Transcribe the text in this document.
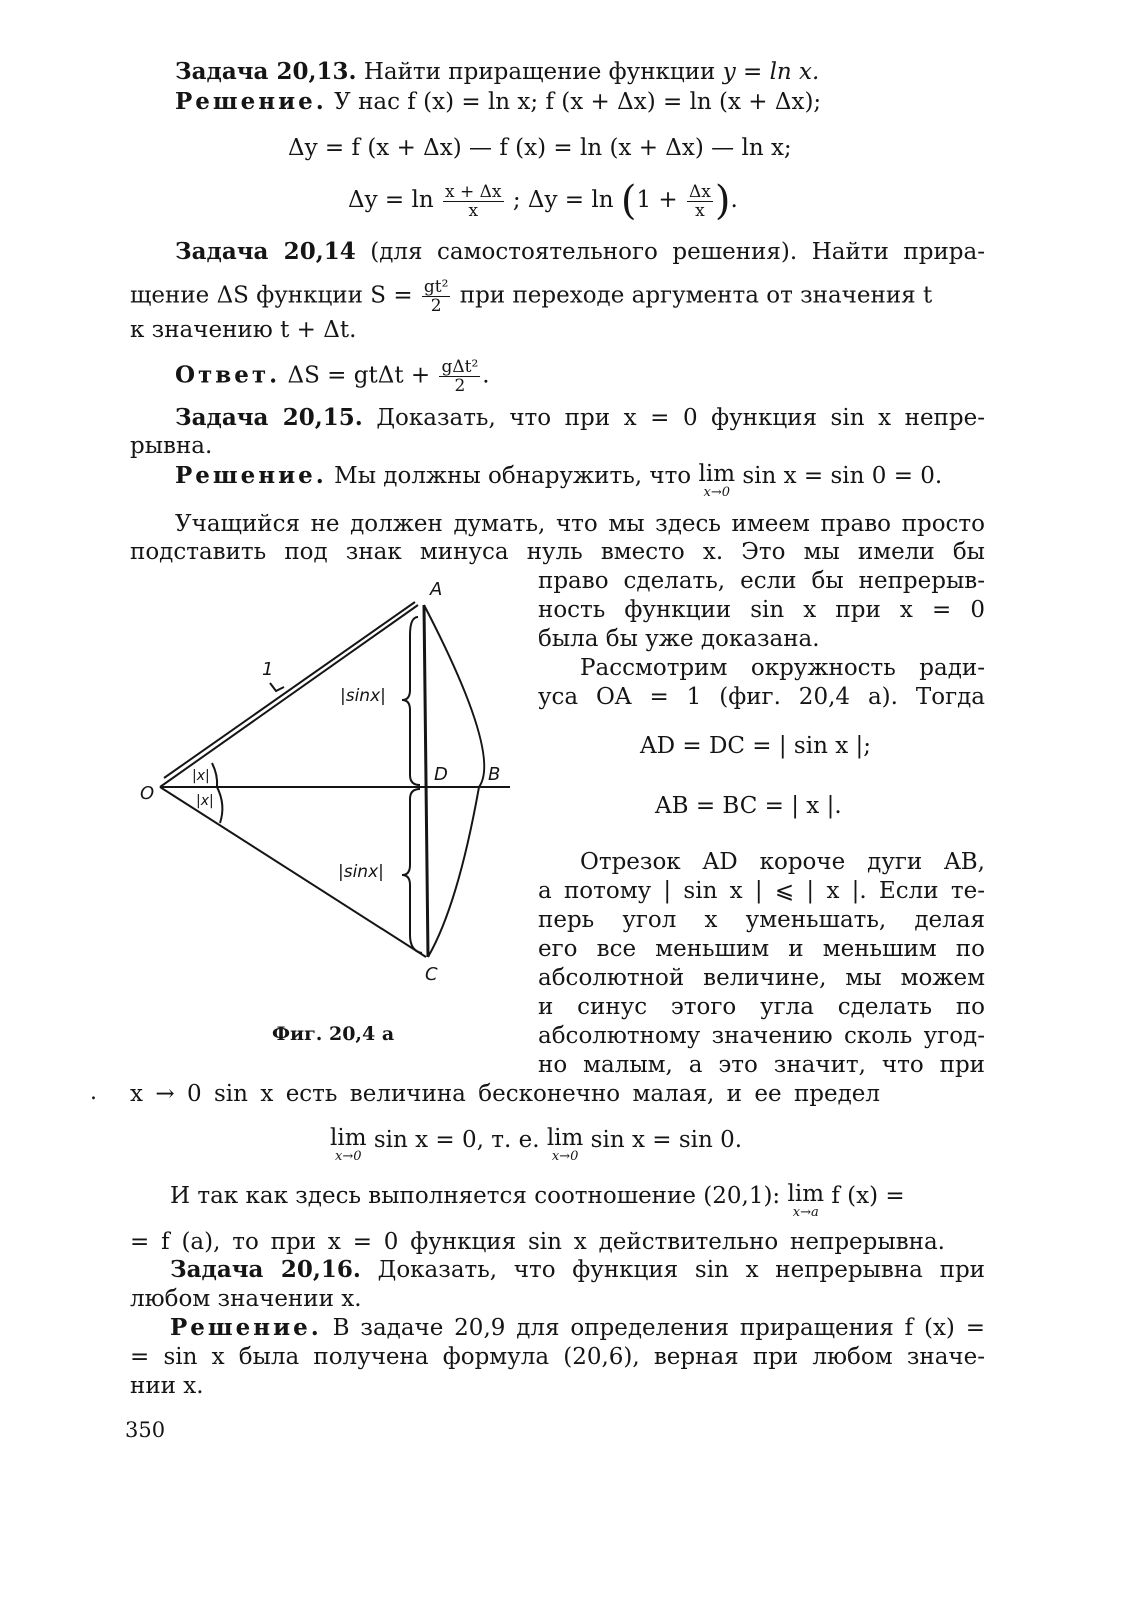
Задача 20,13. Найти приращение функции y = ln x.
Решение. У нас f (x) = ln x; f (x + Δx) = ln (x + Δx);
Δy = f (x + Δx) — f (x) = ln (x + Δx) — ln x;
$\Delta y = \ln \frac{x + \Delta x}{x}$ ; $\Delta y = \ln (1 + \frac{\Delta x}{x}$ ).
Задача 20,14 (для самостоятельного решения). Найти прира-
щение ΔS функции $S = \frac{\text{gt²}}{2}$ при переходе аргумента от значения t
к значению t + Δt.
Ответ. $\Delta S = gt\Delta t + \frac{\text{gΔt²}}{2}$ .
Задача 20,15. Доказать, что при x = 0 функция sin x непре-
рывна.
Решение. Мы должны обнаружить, что lim
x→0
sin x = sin 0 = 0.
Учащийся не должен думать, что мы здесь имеем право просто
подставить под знак минуса нуль вместо x. Это мы имели бы
право сделать, если бы непрерыв-
ность функции sin x при x = 0
была бы уже доказана.
Рассмотрим окружность ради-
уса OA = 1 (фиг. 20,4 a). Тогда
AD = DC = | sin x |;
AB = BC = | x |.
Отрезок AD короче дуги AB,
а потому | sin x | ⩽ | x |. Если те-
перь угол x уменьшать, делая
его все меньшим и меньшим по
абсолютной величине, мы можем
и синус этого угла сделать по
абсолютному значению сколь угод-
но малым, а это значит, что при
x → 0 sin x есть величина бесконечно малая, и ее предел
lim
x→0
sin x = 0, т. е. lim
x→0
sin x = sin 0.
И так как здесь выполняется соотношение (20,1): lim
x→a
f (x) =
= f (a), то при x = 0 функция sin x действительно непрерывна.
Задача 20,16. Доказать, что функция sin x непрерывна при
любом значении x.
Решение. В задаче 20,9 для определения приращения f (x) =
= sin x была получена формула (20,6), верная при любом значе-
нии x.
350
.
A
B
C
D
O
1
|sinx|
|sinx|
|x|
|x|
Фиг. 20,4 a
